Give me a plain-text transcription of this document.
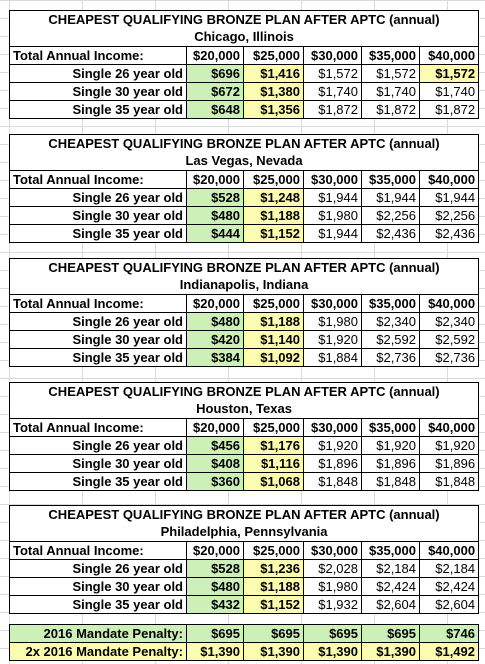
CHEAPEST QUALIFYING BRONZE PLAN AFTER APTC (annual)					
Chicago, Illinois					
Total Annual Income:	$20,000	$25,000	$30,000	$35,000	$40,000
Single 26 year old	$696	$1,416	$1,572	$1,572	$1,572
Single 30 year old	$672	$1,380	$1,740	$1,740	$1,740
Single 35 year old	$648	$1,356	$1,872	$1,872	$1,872
CHEAPEST QUALIFYING BRONZE PLAN AFTER APTC (annual)					
Las Vegas, Nevada					
Total Annual Income:	$20,000	$25,000	$30,000	$35,000	$40,000
Single 26 year old	$528	$1,248	$1,944	$1,944	$1,944
Single 30 year old	$480	$1,188	$1,980	$2,256	$2,256
Single 35 year old	$444	$1,152	$1,944	$2,436	$2,436
CHEAPEST QUALIFYING BRONZE PLAN AFTER APTC (annual)					
Indianapolis, Indiana					
Total Annual Income:	$20,000	$25,000	$30,000	$35,000	$40,000
Single 26 year old	$480	$1,188	$1,980	$2,340	$2,340
Single 30 year old	$420	$1,140	$1,920	$2,592	$2,592
Single 35 year old	$384	$1,092	$1,884	$2,736	$2,736
CHEAPEST QUALIFYING BRONZE PLAN AFTER APTC (annual)					
Houston, Texas					
Total Annual Income:	$20,000	$25,000	$30,000	$35,000	$40,000
Single 26 year old	$456	$1,176	$1,920	$1,920	$1,920
Single 30 year old	$408	$1,116	$1,896	$1,896	$1,896
Single 35 year old	$360	$1,068	$1,848	$1,848	$1,848
CHEAPEST QUALIFYING BRONZE PLAN AFTER APTC (annual)					
Philadelphia, Pennsylvania					
Total Annual Income:	$20,000	$25,000	$30,000	$35,000	$40,000
Single 26 year old	$528	$1,236	$2,028	$2,184	$2,184
Single 30 year old	$480	$1,188	$1,980	$2,424	$2,424
Single 35 year old	$432	$1,152	$1,932	$2,604	$2,604
2016 Mandate Penalty:	$695	$695	$695	$695	$746
2x 2016 Mandate Penalty:	$1,390	$1,390	$1,390	$1,390	$1,492
